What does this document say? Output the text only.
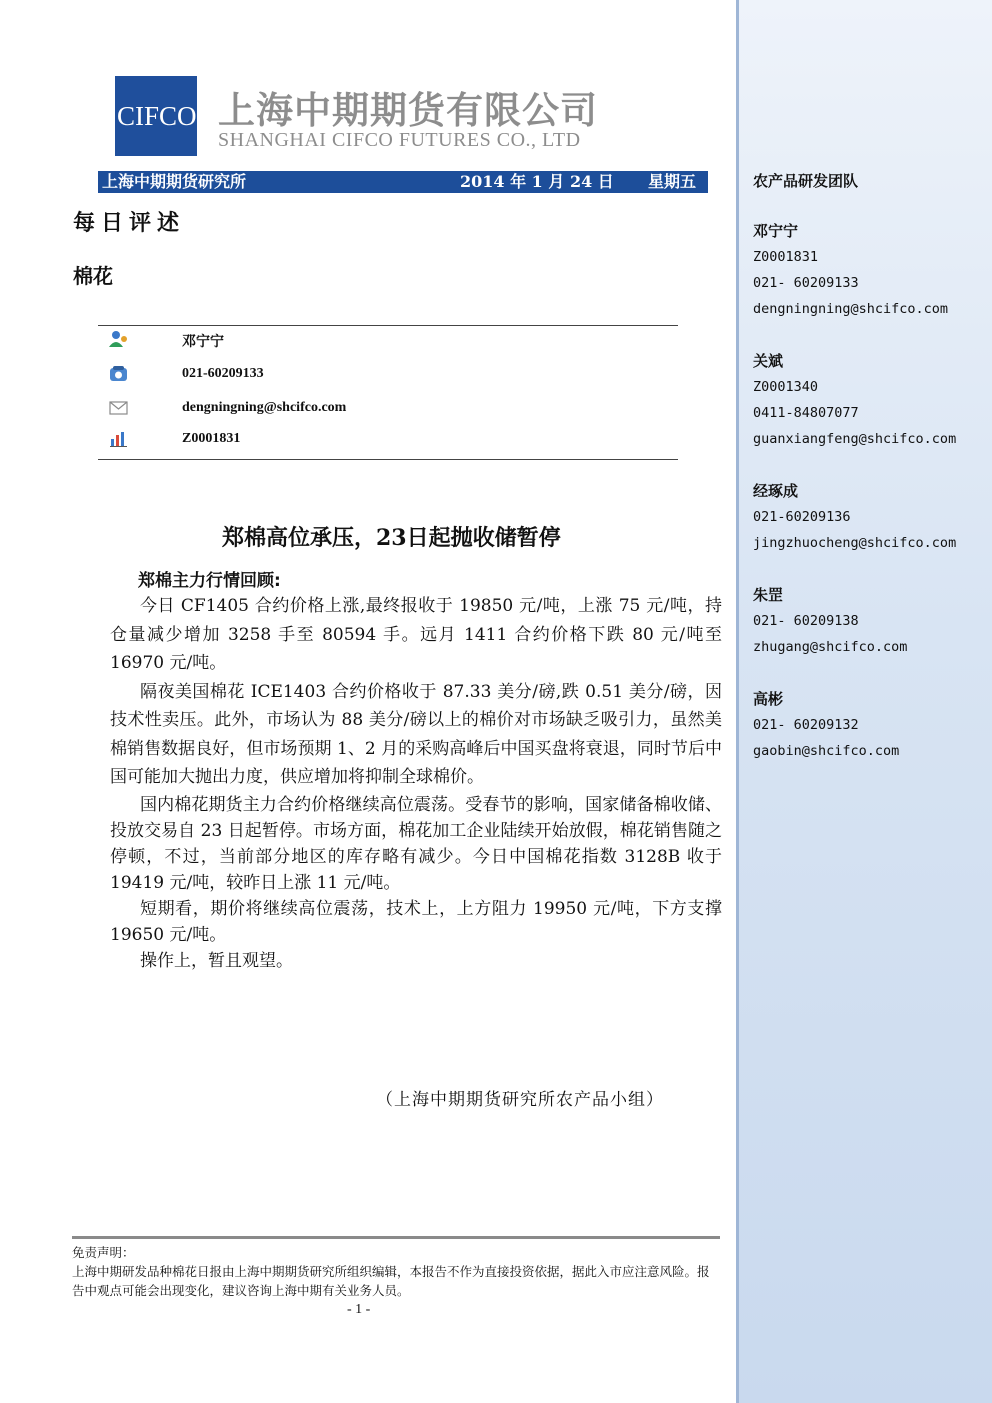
农产品研发团队
邓宁宁
Z0001831
021- 60209133
dengningning@shcifco.com
关斌
Z0001340
0411-84807077
guanxiangfeng@shcifco.com
经琢成
021-60209136
jingzhuocheng@shcifco.com
朱罡
021- 60209138
zhugang@shcifco.com
高彬
021- 60209132
gaobin@shcifco.com
CIFCO 上海中期期货有限公司
SHANGHAI CIFCO FUTURES CO., LTD
上海中期期货研究所	2014 年 1 月 24 日 星期五
每日评述
棉花
邓宁宁
021-60209133
dengningning@shcifco.com
Z0001831
郑棉高位承压，23日起抛收储暂停
郑棉主力行情回顾:

今日 CF1405 合约价格上涨,最终报收于 19850 元/吨，上涨 75 元/吨，持仓量减少增加 3258 手至 80594 手。远月 1411 合约价格下跌 80 元/吨至 16970 元/吨。

隔夜美国棉花 ICE1403 合约价格收于 87.33 美分/磅,跌 0.51 美分/磅，因技术性卖压。此外，市场认为 88 美分/磅以上的棉价对市场缺乏吸引力，虽然美棉销售数据良好，但市场预期 1、2 月的采购高峰后中国买盘将衰退，同时节后中国可能加大抛出力度，供应增加将抑制全球棉价。

国内棉花期货主力合约价格继续高位震荡。受春节的影响，国家储备棉收储、投放交易自 23 日起暂停。市场方面，棉花加工企业陆续开始放假，棉花销售随之停顿，不过，当前部分地区的库存略有减少。今日中国棉花指数 3128B 收于 19419 元/吨，较昨日上涨 11 元/吨。

短期看，期价将继续高位震荡，技术上，上方阻力 19950 元/吨，下方支撑 19650 元/吨。

操作上，暂且观望。

（上海中期期货研究所农产品小组）
免责声明：
上海中期研发品种棉花日报由上海中期期货研究所组织编辑，本报告不作为直接投资依据，据此入市应注意风险。报告中观点可能会出现变化，建议咨询上海中期有关业务人员。
- 1 -
